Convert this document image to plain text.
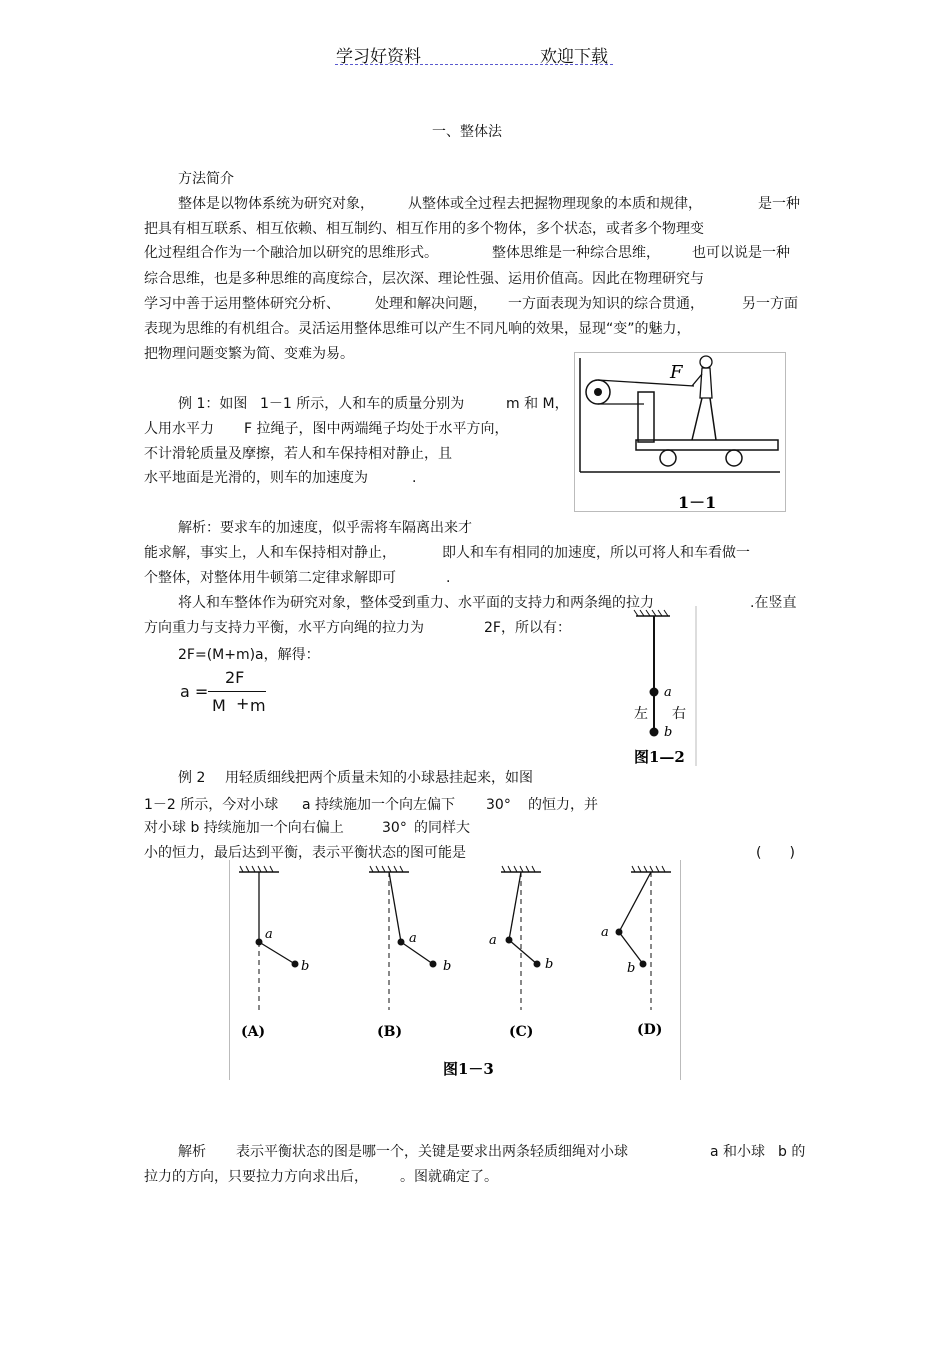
学习好资料	欢迎下载
一、整体法
方法简介
整体是以物体系统为研究对象， 从整体或全过程去把握物理现象的本质和规律，	是一种
把具有相互联系、相互依赖、相互制约、相互作用的多个物体，多个状态，或者多个物理变
化过程组合作为一个融洽加以研究的思维形式。	整体思维是一种综合思维， 也可以说是一种
综合思维，也是多种思维的高度综合，层次深、理论性强、运用价值高。因此在物理研究与
学习中善于运用整体研究分析、	处理和解决问题， 一方面表现为知识的综合贯通，	另一方面
表现为思维的有机组合。灵活运用整体思维可以产生不同凡响的效果，显现“变”的魅力，
把物理问题变繁为简、变难为易。
例 1：如图 1－1 所示，人和车的质量分别为	m 和 M，
人用水平力 F 拉绳子，图中两端绳子均处于水平方向，
不计滑轮质量及摩擦，若人和车保持相对静止，且
水平地面是光滑的，则车的加速度为	.
F
1－1
解析：要求车的加速度，似乎需将车隔离出来才
能求解，事实上，人和车保持相对静止，	即人和车有相同的加速度，所以可将人和车看做一
个整体，对整体用牛顿第二定律求解即可	.
将人和车整体作为研究对象，整体受到重力、水平面的支持力和两条绳的拉力	.在竖直
方向重力与支持力平衡，水平方向绳的拉力为	2F，所以有：
2F=(M+m)a，解得：
a =
2F
M + m
a
b
左 右
图1—2
例 2 用轻质细线把两个质量未知的小球悬挂起来，如图
1－2 所示，今对小球 a 持续施加一个向左偏下 30° 的恒力，并
对小球 b 持续施加一个向右偏上	30° 的同样大
小的恒力，最后达到平衡，表示平衡状态的图可能是	(　　)
a
b
(A)
a
b
(B)
a
b
(C)
a
b
(D)
图1－3
解析 表示平衡状态的图是哪一个，关键是要求出两条轻质细绳对小球	a 和小球 b 的
拉力的方向，只要拉力方向求出后， 。图就确定了。
